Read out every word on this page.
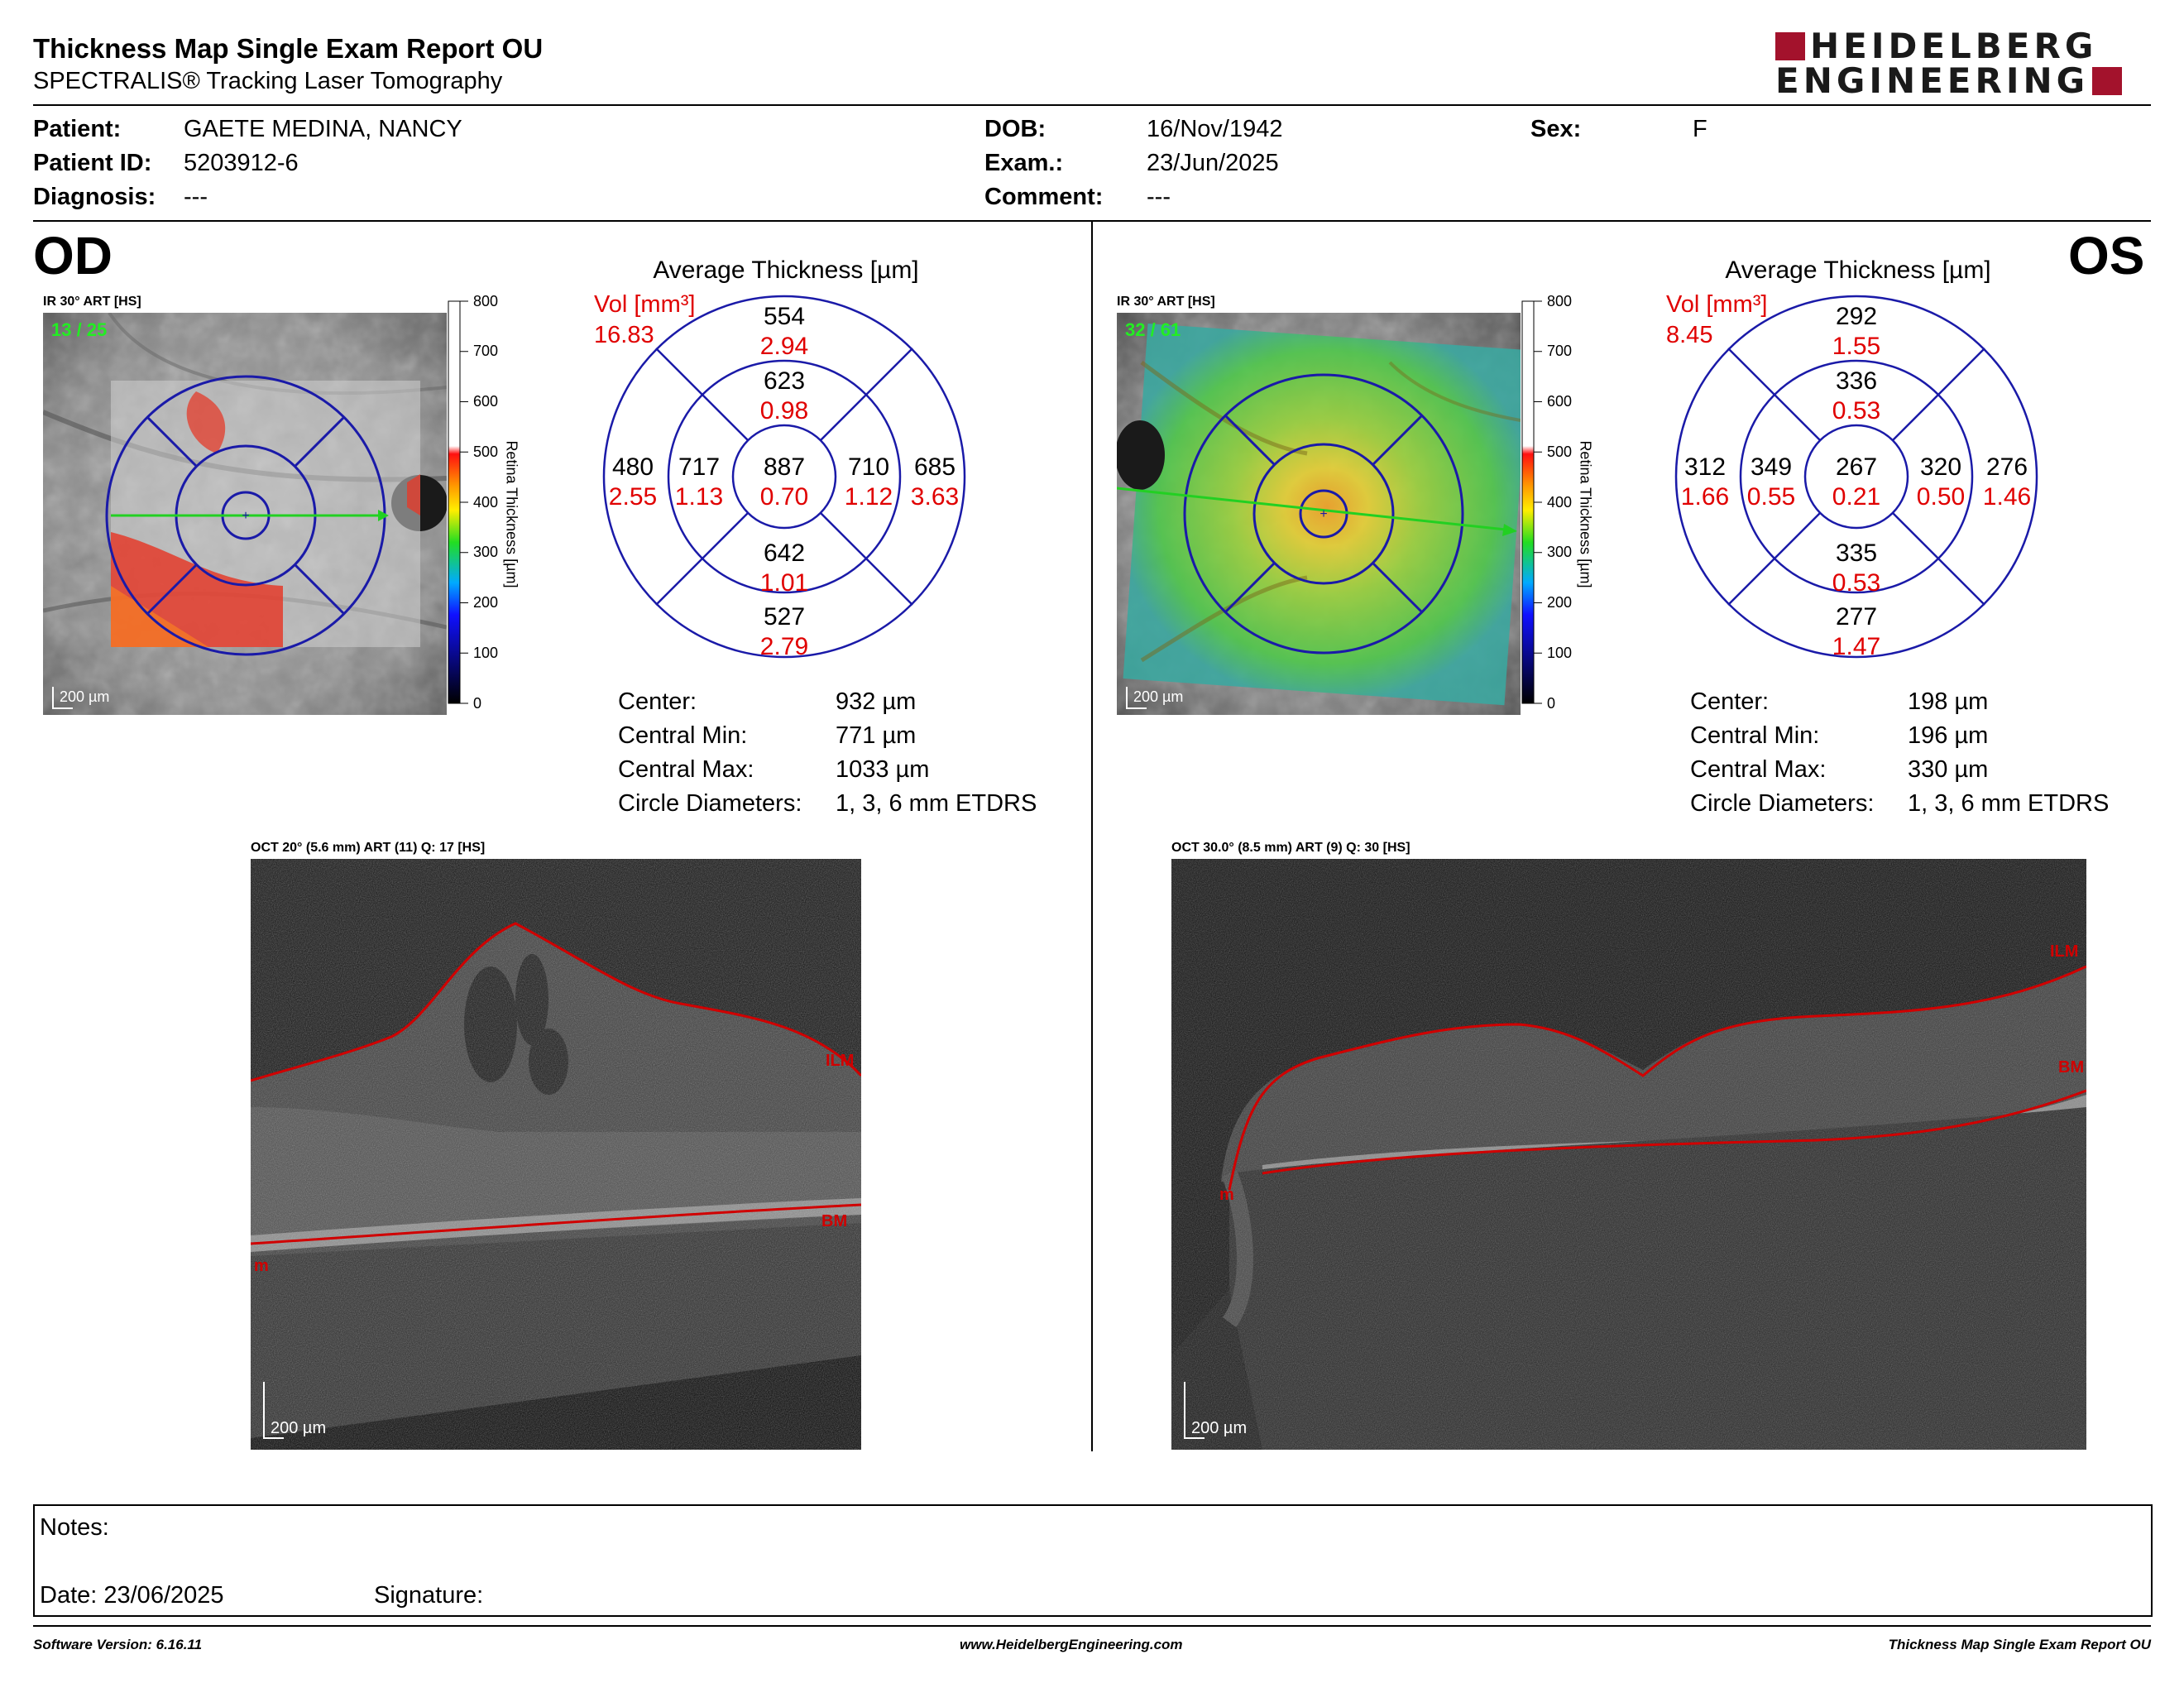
Thickness Map Single Exam Report OU
SPECTRALIS® Tracking Laser Tomography
HEIDELBERG
ENGINEERING
Patient:	GAETE MEDINA, NANCY
Patient ID: 5203912-6
Diagnosis: ---
DOB:	16/Nov/1942
Exam.:	23/Jun/2025
Comment: ---
Sex:	F
OD
IR 30° ART [HS]
+
13 / 25
200 µm
800
700
600
500
400
300
200
100
0
Retina Thickness [µm]
Average Thickness [µm]
Vol [mm³]
16.83
554
2.94
623
0.98
887
0.70
717
1.13
710
1.12
480
2.55
685
3.63
642
1.01
527
2.79
Center:	932 µm
Central Min:	771 µm
Central Max:	1033 µm
Circle Diameters: 1, 3, 6 mm ETDRS
OCT 20° (5.6 mm) ART (11) Q: 17 [HS]
ILM
BM
m
200 µm
OS
IR 30° ART [HS]
+
32 / 61
200 µm
800
700
600
500
400
300
200
100
0
Retina Thickness [µm]
Average Thickness [µm]
Vol [mm³]
8.45
292
1.55
336
0.53
267
0.21
349
0.55
320
0.50
312
1.66
276
1.46
335
0.53
277
1.47
Center:	198 µm
Central Min:	196 µm
Central Max:	330 µm
Circle Diameters: 1, 3, 6 mm ETDRS
OCT 30.0° (8.5 mm) ART (9) Q: 30 [HS]
ILM
BM
m
200 µm
Notes:
Date: 23/06/2025	Signature:
Software Version: 6.16.11	www.HeidelbergEngineering.com	Thickness Map Single Exam Report OU
